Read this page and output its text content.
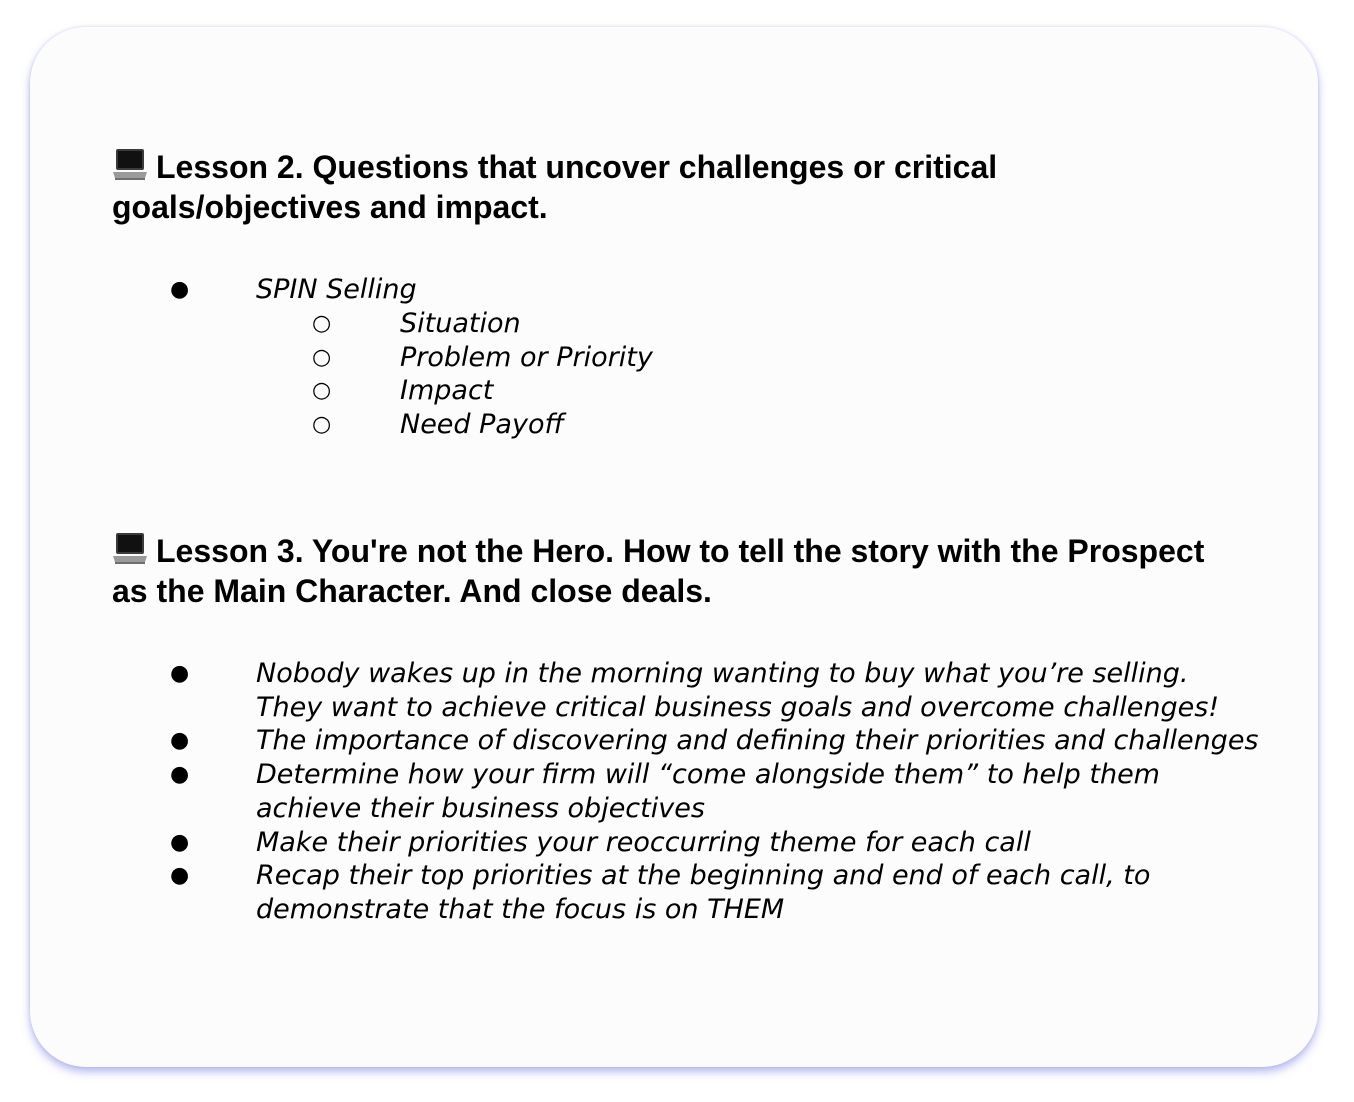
Lesson 2. Questions that uncover challenges or critical goals/objectives and impact.
● SPIN Selling
○	Situation
○	Problem or Priority
○	Impact
○	Need Payoff
Lesson 3. You're not the Hero. How to tell the story with the Prospect as the Main Character. And close deals.
● Nobody wakes up in the morning wanting to buy what you’re selling. They want to achieve critical business goals and overcome challenges!
● The importance of discovering and defining their priorities and challenges
● Determine how your firm will “come alongside them” to help them achieve their business objectives
● Make their priorities your reoccurring theme for each call
● Recap their top priorities at the beginning and end of each call, to demonstrate that the focus is on THEM
